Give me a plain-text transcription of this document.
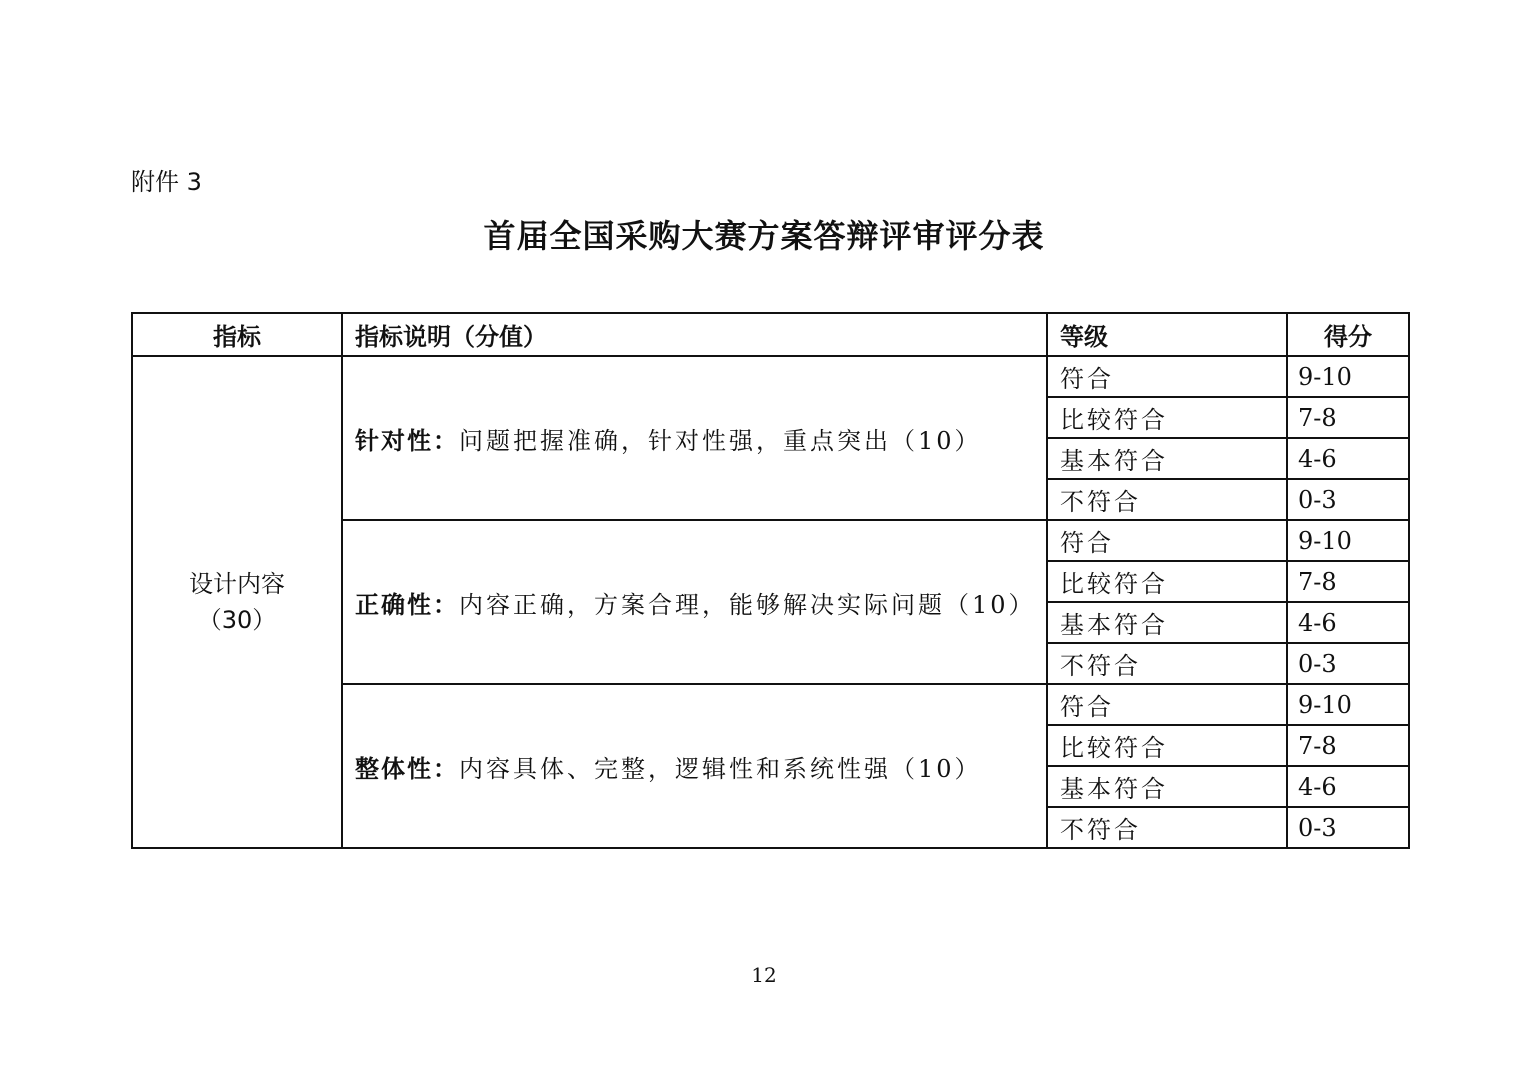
附件 3
首届全国采购大赛方案答辩评审评分表
指标	指标说明（分值）	等级	得分

设计内容
（30）	针对性：问题把握准确，针对性强，重点突出（10）	符合	9-10
		比较符合	7-8
		基本符合	4-6
		不符合	0-3
	正确性：内容正确，方案合理，能够解决实际问题（10）	符合	9-10
		比较符合	7-8
		基本符合	4-6
		不符合	0-3
	整体性：内容具体、完整，逻辑性和系统性强（10）	符合	9-10
		比较符合	7-8
		基本符合	4-6
		不符合	0-3
12
